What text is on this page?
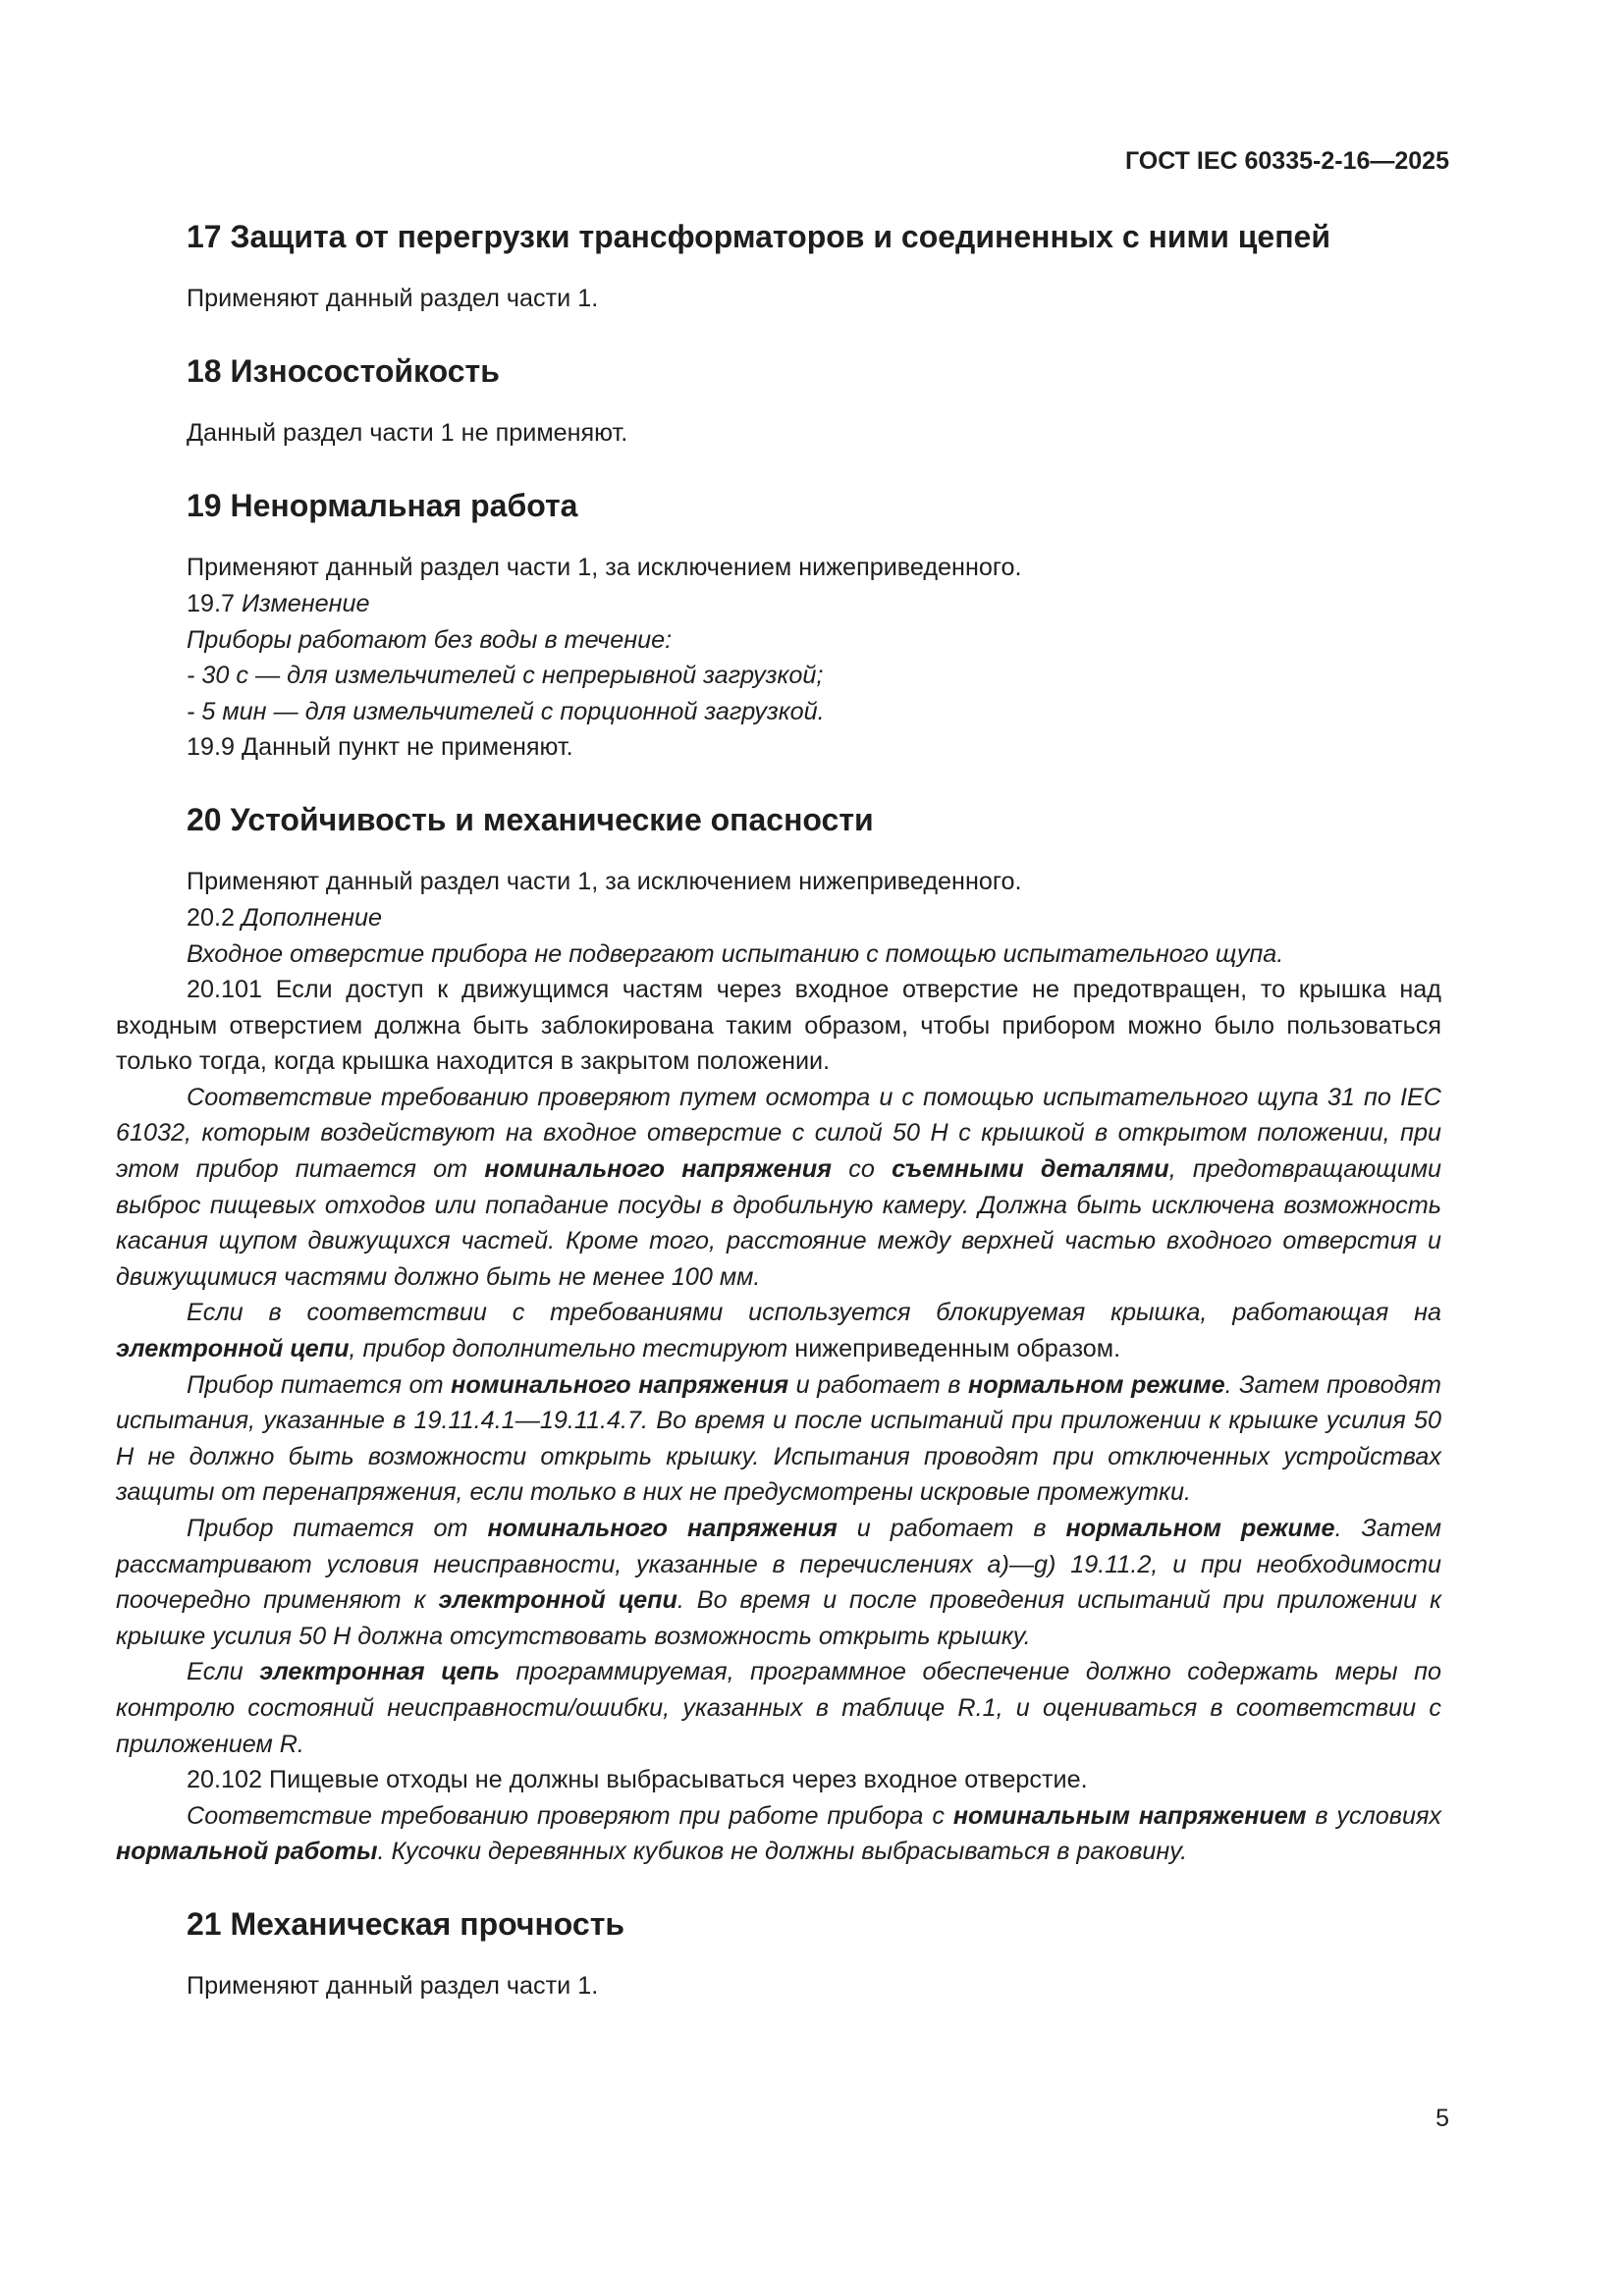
ГОСТ IEC 60335-2-16—2025
17 Защита от перегрузки трансформаторов и соединенных с ними цепей

Применяют данный раздел части 1.

18 Износостойкость

Данный раздел части 1 не применяют.

19 Ненормальная работа

Применяют данный раздел части 1, за исключением нижеприведенного.

19.7 Изменение

Приборы работают без воды в течение:

- 30 с — для измельчителей с непрерывной загрузкой;

- 5 мин — для измельчителей с порционной загрузкой.

19.9 Данный пункт не применяют.

20 Устойчивость и механические опасности

Применяют данный раздел части 1, за исключением нижеприведенного.

20.2 Дополнение

Входное отверстие прибора не подвергают испытанию с помощью испытательного щупа.

20.101 Если доступ к движущимся частям через входное отверстие не предотвращен, то крышка над входным отверстием должна быть заблокирована таким образом, чтобы прибором можно было пользоваться только тогда, когда крышка находится в закрытом положении.

Соответствие требованию проверяют путем осмотра и с помощью испытательного щупа 31 по IEC 61032, которым воздействуют на входное отверстие с силой 50 Н с крышкой в открытом положении, при этом прибор питается от номинального напряжения со съемными деталями, предотвращающими выброс пищевых отходов или попадание посуды в дробильную камеру. Должна быть исключена возможность касания щупом движущихся частей. Кроме того, расстояние между верхней частью входного отверстия и движущимися частями должно быть не менее 100 мм.

Если в соответствии с требованиями используется блокируемая крышка, работающая на электронной цепи, прибор дополнительно тестируют нижеприведенным образом.

Прибор питается от номинального напряжения и работает в нормальном режиме. Затем проводят испытания, указанные в 19.11.4.1—19.11.4.7. Во время и после испытаний при приложении к крышке усилия 50 Н не должно быть возможности открыть крышку. Испытания проводят при отключенных устройствах защиты от перенапряжения, если только в них не предусмотрены искровые промежутки.

Прибор питается от номинального напряжения и работает в нормальном режиме. Затем рассматривают условия неисправности, указанные в перечислениях a)—g) 19.11.2, и при необходимости поочередно применяют к электронной цепи. Во время и после проведения испытаний при приложении к крышке усилия 50 Н должна отсутствовать возможность открыть крышку.

Если электронная цепь программируемая, программное обеспечение должно содержать меры по контролю состояний неисправности/ошибки, указанных в таблице R.1, и оцениваться в соответствии с приложением R.

20.102 Пищевые отходы не должны выбрасываться через входное отверстие.

Соответствие требованию проверяют при работе прибора с номинальным напряжением в условиях нормальной работы. Кусочки деревянных кубиков не должны выбрасываться в раковину.

21 Механическая прочность

Применяют данный раздел части 1.

5
